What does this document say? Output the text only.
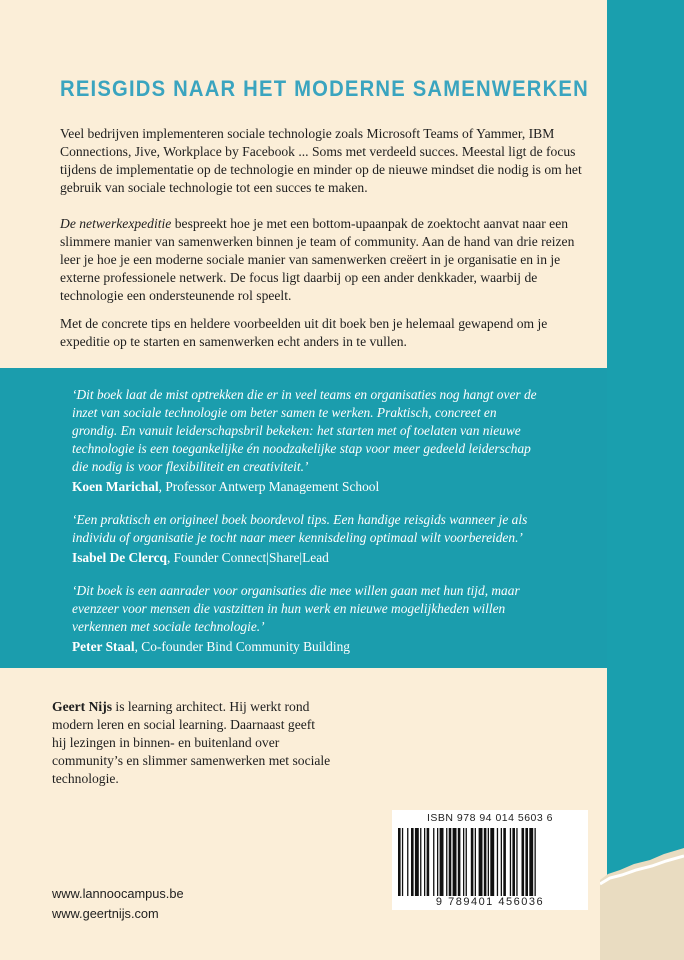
REISGIDS NAAR HET MODERNE SAMENWERKEN

Veel bedrijven implementeren sociale technologie zoals Microsoft Teams of Yammer, IBM Connections, Jive, Workplace by Facebook ... Soms met verdeeld succes. Meestal ligt de focus tijdens de implementatie op de technologie en minder op de nieuwe mindset die nodig is om het gebruik van sociale technologie tot een succes te maken.

De netwerkexpeditie bespreekt hoe je met een bottom-upaanpak de zoektocht aanvat naar een slimmere manier van samenwerken binnen je team of community. Aan de hand van drie reizen leer je hoe je een moderne sociale manier van samenwerken creëert in je organisatie en in je externe professionele netwerk. De focus ligt daarbij op een ander denkkader, waarbij de technologie een ondersteunende rol speelt.

Met de concrete tips en heldere voorbeelden uit dit boek ben je helemaal gewapend om je expeditie op te starten en samenwerken echt anders in te vullen.

‘Dit boek laat de mist optrekken die er in veel teams en organisaties nog hangt over de inzet van sociale technologie om beter samen te werken. Praktisch, concreet en grondig. En vanuit leiderschapsbril bekeken: het starten met of toelaten van nieuwe technologie is een toegankelijke én noodzakelijke stap voor meer gedeeld leiderschap die nodig is voor flexibiliteit en creativiteit.’
Koen Marichal, Professor Antwerp Management School
‘Een praktisch en origineel boek boordevol tips. Een handige reisgids wanneer je als individu of organisatie je tocht naar meer kennisdeling optimaal wilt voorbereiden.’
Isabel De Clercq, Founder Connect|Share|Lead
‘Dit boek is een aanrader voor organisaties die mee willen gaan met hun tijd, maar evenzeer voor mensen die vastzitten in hun werk en nieuwe mogelijkheden willen verkennen met sociale technologie.’
Peter Staal, Co-founder Bind Community Building
Geert Nijs is learning architect. Hij werkt rond modern leren en social learning. Daarnaast geeft hij lezingen in binnen- en buitenland over community’s en slimmer samenwerken met sociale technologie.
ISBN 978 94 014 5603 6
9 789401 456036
www.lannoocampus.be
www.geertnijs.com
